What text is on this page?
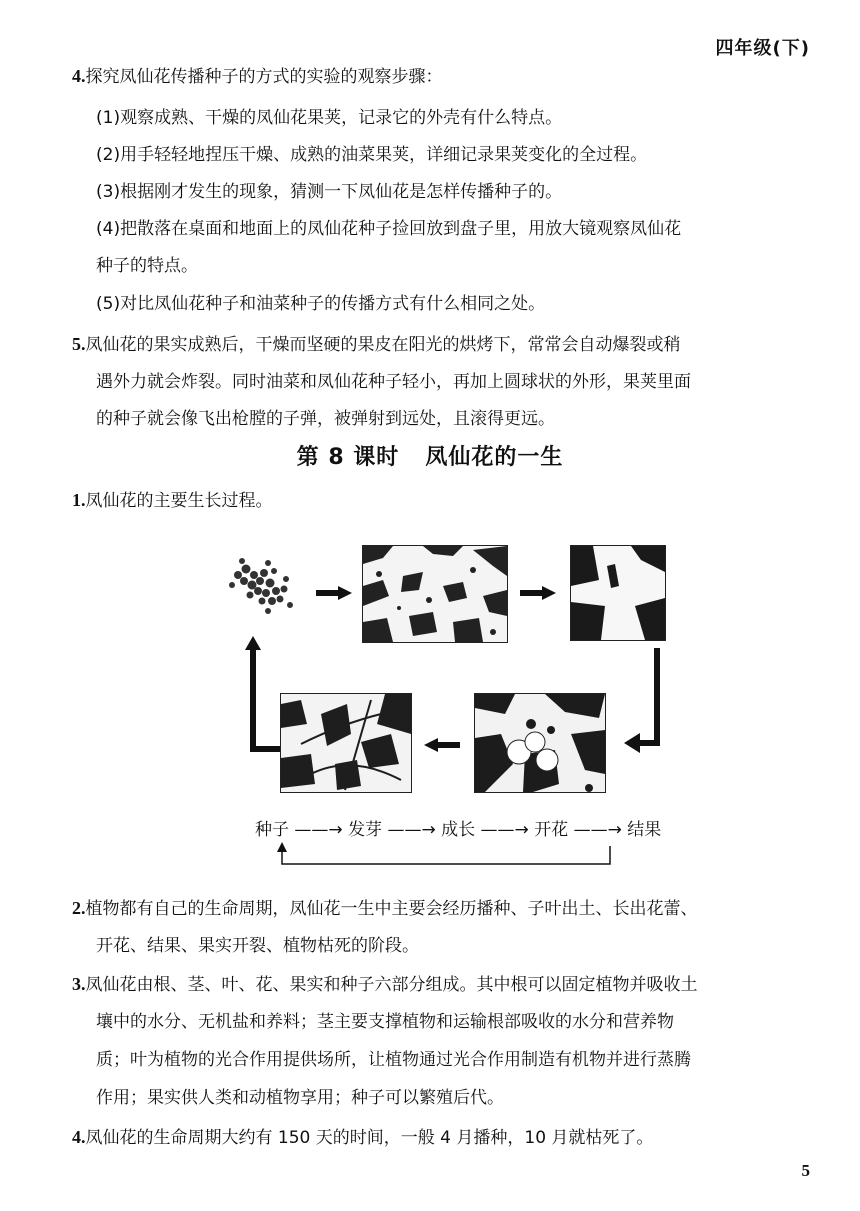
四年级(下)

4.探究凤仙花传播种子的方式的实验的观察步骤：

(1)观察成熟、干燥的凤仙花果荚，记录它的外壳有什么特点。

(2)用手轻轻地捏压干燥、成熟的油菜果荚，详细记录果荚变化的全过程。

(3)根据刚才发生的现象，猜测一下凤仙花是怎样传播种子的。

(4)把散落在桌面和地面上的凤仙花种子捡回放到盘子里，用放大镜观察凤仙花

种子的特点。

(5)对比凤仙花种子和油菜种子的传播方式有什么相同之处。

5.凤仙花的果实成熟后，干燥而坚硬的果皮在阳光的烘烤下，常常会自动爆裂或稍

遇外力就会炸裂。同时油菜和凤仙花种子轻小，再加上圆球状的外形，果荚里面

的种子就会像飞出枪膛的子弹，被弹射到远处，且滚得更远。

第 8 课时 凤仙花的一生

1.凤仙花的主要生长过程。

种子 ——→ 发芽 ——→ 成长 ——→ 开花 ——→ 结果

2.植物都有自己的生命周期，凤仙花一生中主要会经历播种、子叶出土、长出花蕾、

开花、结果、果实开裂、植物枯死的阶段。

3.凤仙花由根、茎、叶、花、果实和种子六部分组成。其中根可以固定植物并吸收土

壤中的水分、无机盐和养料；茎主要支撑植物和运输根部吸收的水分和营养物

质；叶为植物的光合作用提供场所，让植物通过光合作用制造有机物并进行蒸腾

作用；果实供人类和动植物享用；种子可以繁殖后代。

4.凤仙花的生命周期大约有 150 天的时间，一般 4 月播种，10 月就枯死了。

5
